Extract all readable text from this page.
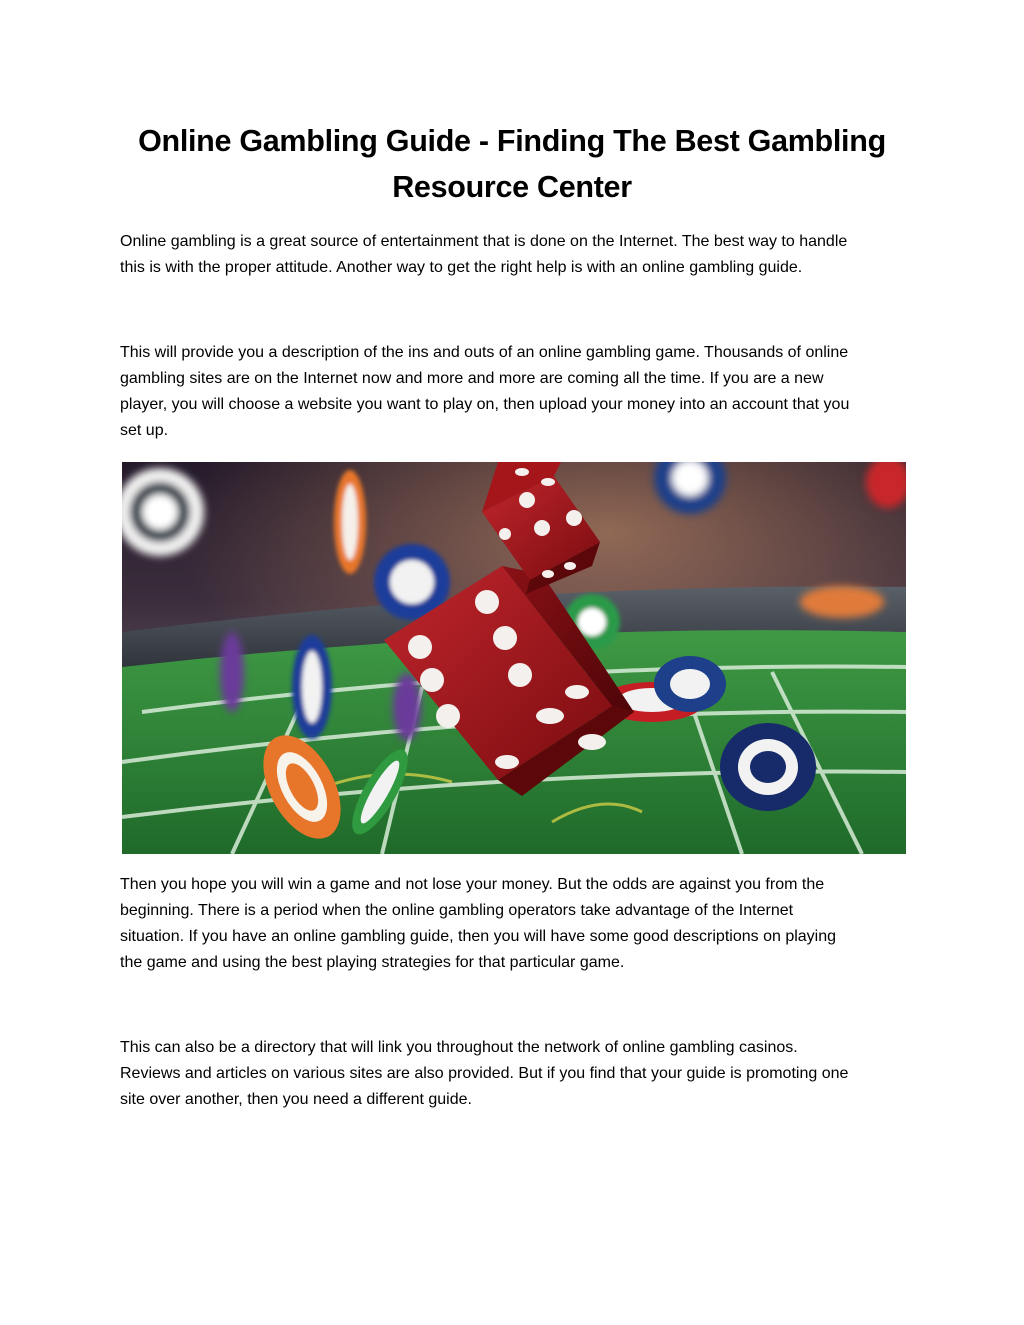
Online Gambling Guide - Finding The Best Gambling
Resource Center

Online gambling is a great source of entertainment that is done on the Internet. The best way to handle
this is with the proper attitude. Another way to get the right help is with an online gambling guide.

This will provide you a description of the ins and outs of an online gambling game. Thousands of online
gambling sites are on the Internet now and more and more are coming all the time. If you are a new
player, you will choose a website you want to play on, then upload your money into an account that you
set up.

Then you hope you will win a game and not lose your money. But the odds are against you from the
beginning. There is a period when the online gambling operators take advantage of the Internet
situation. If you have an online gambling guide, then you will have some good descriptions on playing
the game and using the best playing strategies for that particular game.

This can also be a directory that will link you throughout the network of online gambling casinos.
Reviews and articles on various sites are also provided. But if you find that your guide is promoting one
site over another, then you need a different guide.
